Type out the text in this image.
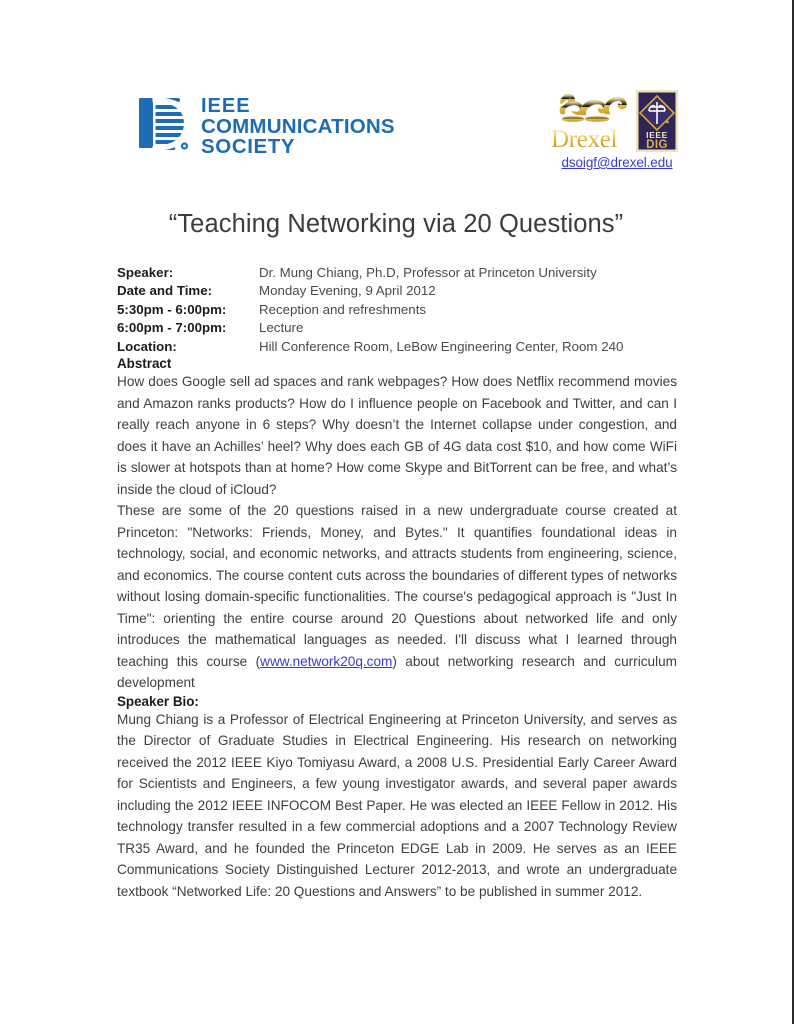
IEEE
COMMUNICATIONS
SOCIETY	Drexel	IEEE
DIG
dsoigf@drexel.edu
“Teaching Networking via 20 Questions”
Speaker:	Dr. Mung Chiang, Ph.D, Professor at Princeton University
Date and Time:	Monday Evening, 9 April 2012
5:30pm - 6:00pm:	Reception and refreshments
6:00pm - 7:00pm:	Lecture
Location:	Hill Conference Room, LeBow Engineering Center, Room 240
Abstract

How does Google sell ad spaces and rank webpages? How does Netflix recommend movies and Amazon ranks products? How do I influence people on Facebook and Twitter, and can I really reach anyone in 6 steps? Why doesn’t the Internet collapse under congestion, and does it have an Achilles’ heel? Why does each GB of 4G data cost $10, and how come WiFi is slower at hotspots than at home? How come Skype and BitTorrent can be free, and what’s inside the cloud of iCloud?

These are some of the 20 questions raised in a new undergraduate course created at Princeton: "Networks: Friends, Money, and Bytes." It quantifies foundational ideas in technology, social, and economic networks, and attracts students from engineering, science, and economics. The course content cuts across the boundaries of different types of networks without losing domain-specific functionalities. The course's pedagogical approach is "Just In Time": orienting the entire course around 20 Questions about networked life and only introduces the mathematical languages as needed. I'll discuss what I learned through teaching this course (www.network20q.com) about networking research and curriculum development

Speaker Bio:

Mung Chiang is a Professor of Electrical Engineering at Princeton University, and serves as the Director of Graduate Studies in Electrical Engineering. His research on networking received the 2012 IEEE Kiyo Tomiyasu Award, a 2008 U.S. Presidential Early Career Award for Scientists and Engineers, a few young investigator awards, and several paper awards including the 2012 IEEE INFOCOM Best Paper. He was elected an IEEE Fellow in 2012. His technology transfer resulted in a few commercial adoptions and a 2007 Technology Review TR35 Award, and he founded the Princeton EDGE Lab in 2009. He serves as an IEEE Communications Society Distinguished Lecturer 2012-2013, and wrote an undergraduate textbook “Networked Life: 20 Questions and Answers” to be published in summer 2012.
